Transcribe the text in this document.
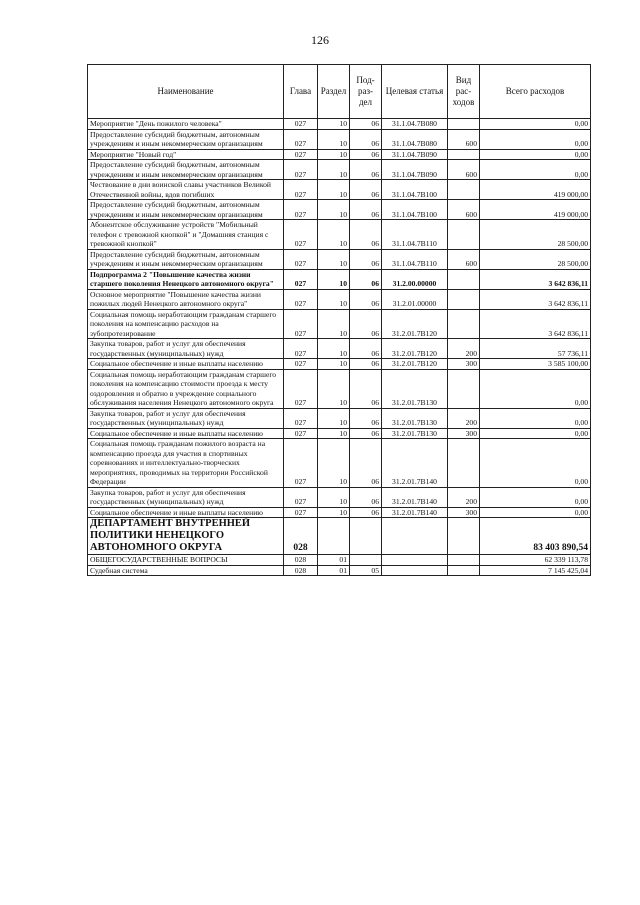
126
Наименование	Глава	Раздел	Под-раз-дел	Целевая статья	Вид рас-ходов	Всего расходов
Мероприятие "День пожилого человека"	027	10	06	31.1.04.7В080		0,00
Предоставление субсидий бюджетным, автономным учреждениям и иным некоммерческим организациям	027	10	06	31.1.04.7В080	600	0,00
Мероприятие "Новый год"	027	10	06	31.1.04.7В090		0,00
Предоставление субсидий бюджетным, автономным учреждениям и иным некоммерческим организациям	027	10	06	31.1.04.7В090	600	0,00
Чествование в дни воинской славы участников Великой Отечественной войны, вдов погибших	027	10	06	31.1.04.7В100		419 000,00
Предоставление субсидий бюджетным, автономным учреждениям и иным некоммерческим организациям	027	10	06	31.1.04.7В100	600	419 000,00
Абонентское обслуживание устройств "Мобильный телефон с тревожной кнопкой" и "Домашняя станция с тревожной кнопкой"	027	10	06	31.1.04.7В110		28 500,00
Предоставление субсидий бюджетным, автономным учреждениям и иным некоммерческим организациям	027	10	06	31.1.04.7В110	600	28 500,00
Подпрограмма 2 "Повышение качества жизни старшего поколения Ненецкого автономного округа"	027	10	06	31.2.00.00000		3 642 836,11
Основное мероприятие "Повышение качества жизни пожилых людей Ненецкого автономного округа"	027	10	06	31.2.01.00000		3 642 836,11
Социальная помощь неработающим гражданам старшего поколения на компенсацию расходов на зубопротезирование	027	10	06	31.2.01.7В120		3 642 836,11
Закупка товаров, работ и услуг для обеспечения государственных (муниципальных) нужд	027	10	06	31.2.01.7В120	200	57 736,11
Социальное обеспечение и иные выплаты населению	027	10	06	31.2.01.7В120	300	3 585 100,00
Социальная помощь неработающим гражданам старшего поколения на компенсацию стоимости проезда к месту оздоровления и обратно в учреждение социального обслуживания населения Ненецкого автономного округа	027	10	06	31.2.01.7В130		0,00
Закупка товаров, работ и услуг для обеспечения государственных (муниципальных) нужд	027	10	06	31.2.01.7В130	200	0,00
Социальное обеспечение и иные выплаты населению	027	10	06	31.2.01.7В130	300	0,00
Социальная помощь гражданам пожилого возраста на компенсацию проезда для участия в спортивных соревнованиях и интеллектуально-творческих мероприятиях, проводимых на территории Российской Федерации	027	10	06	31.2.01.7В140		0,00
Закупка товаров, работ и услуг для обеспечения государственных (муниципальных) нужд	027	10	06	31.2.01.7В140	200	0,00
Социальное обеспечение и иные выплаты населению	027	10	06	31.2.01.7В140	300	0,00
ДЕПАРТАМЕНТ ВНУТРЕННЕЙ ПОЛИТИКИ НЕНЕЦКОГО АВТОНОМНОГО ОКРУГА	028					83 403 890,54
ОБЩЕГОСУДАРСТВЕННЫЕ ВОПРОСЫ	028	01				62 339 113,78
Судебная система	028	01	05			7 145 425,04
